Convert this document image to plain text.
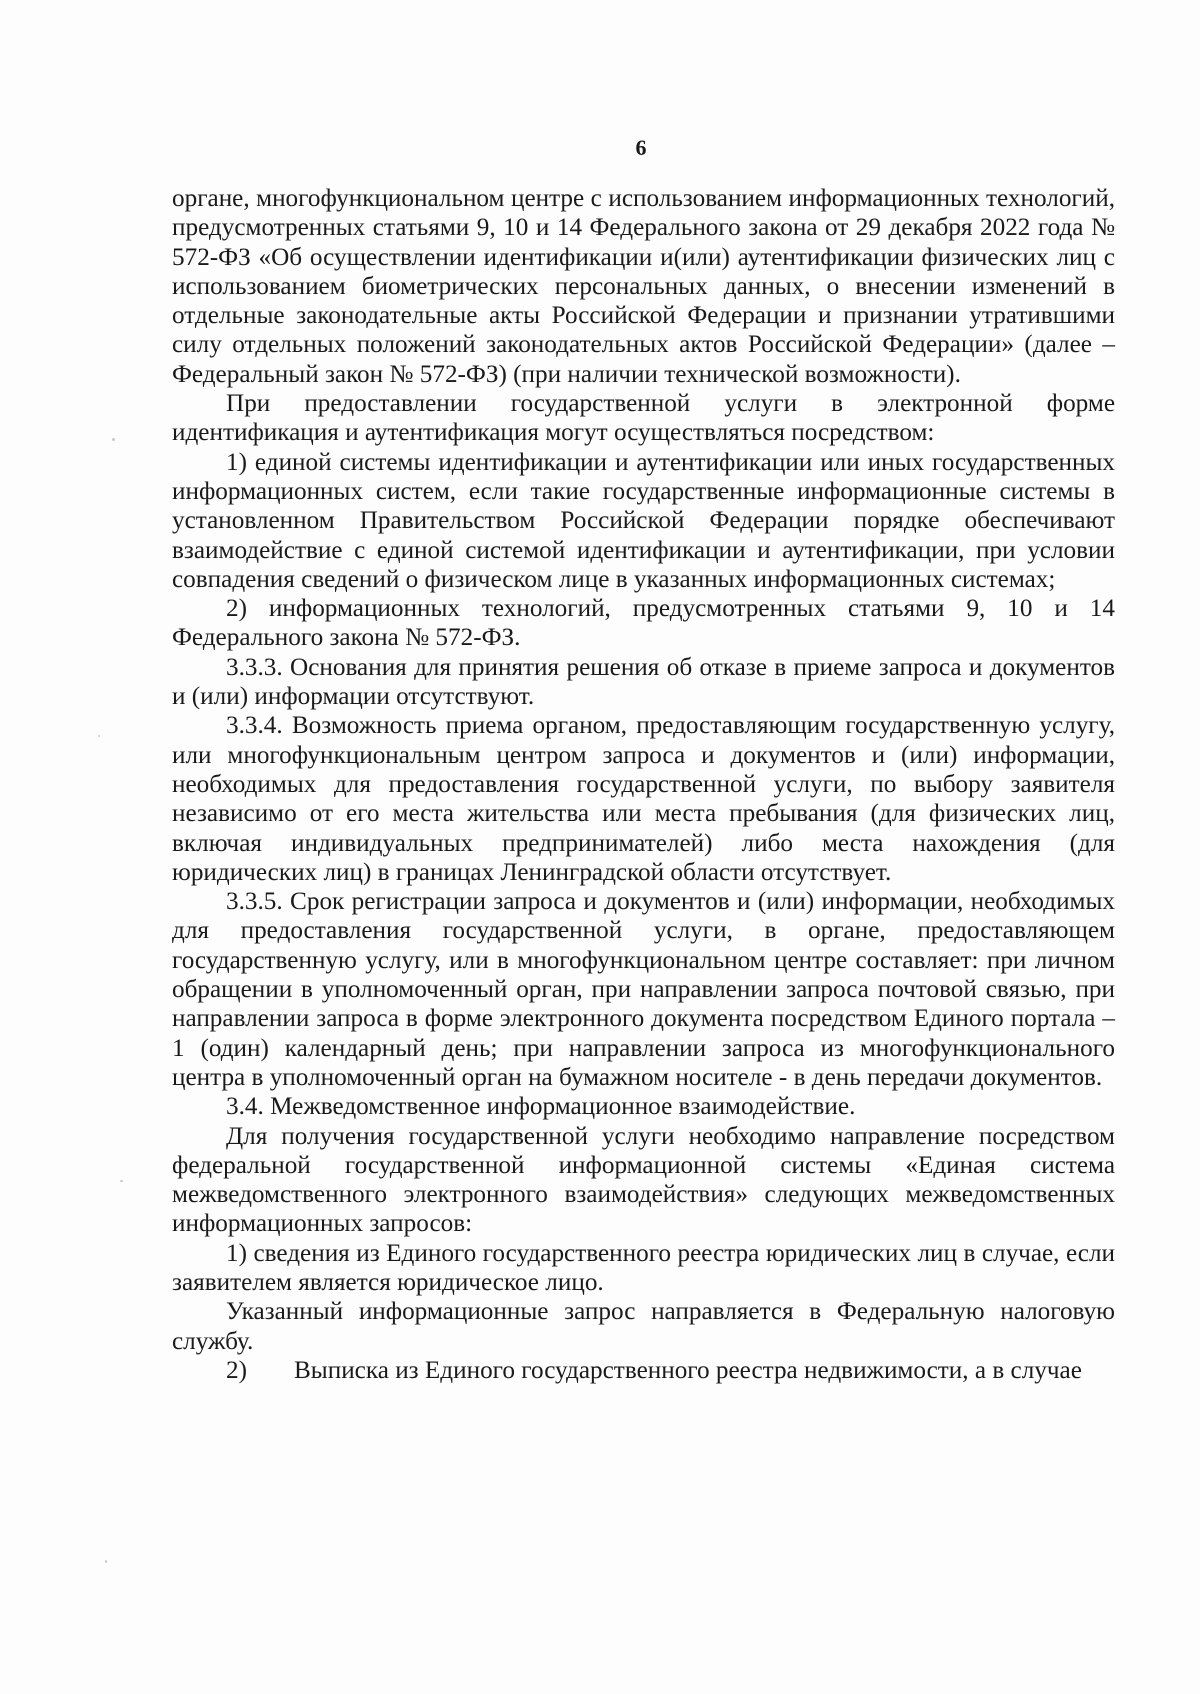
6

органе, многофункциональном центре с использованием информационных технологий, предусмотренных статьями 9, 10 и 14 Федерального закона от 29 декабря 2022 года № 572-ФЗ «Об осуществлении идентификации и(или) аутентификации физических лиц с использованием биометрических персональных данных, о внесении изменений в отдельные законодательные акты Российской Федерации и признании утратившими силу отдельных положений законодательных актов Российской Федерации» (далее – Федеральный закон № 572-ФЗ) (при наличии технической возможности).

При предоставлении государственной услуги в электронной форме идентификация и аутентификация могут осуществляться посредством:

1) единой системы идентификации и аутентификации или иных государственных информационных систем, если такие государственные информационные системы в установленном Правительством Российской Федерации порядке обеспечивают взаимодействие с единой системой идентификации и аутентификации, при условии совпадения сведений о физическом лице в указанных информационных системах;

2) информационных технологий, предусмотренных статьями 9, 10 и 14 Федерального закона № 572-ФЗ.

3.3.3. Основания для принятия решения об отказе в приеме запроса и документов и (или) информации отсутствуют.

3.3.4. Возможность приема органом, предоставляющим государственную услугу, или многофункциональным центром запроса и документов и (или) информации, необходимых для предоставления государственной услуги, по выбору заявителя независимо от его места жительства или места пребывания (для физических лиц, включая индивидуальных предпринимателей) либо места нахождения (для юридических лиц) в границах Ленинградской области отсутствует.

3.3.5. Срок регистрации запроса и документов и (или) информации, необходимых для предоставления государственной услуги, в органе, предоставляющем государственную услугу, или в многофункциональном центре составляет: при личном обращении в уполномоченный орган, при направлении запроса почтовой связью, при направлении запроса в форме электронного документа посредством Единого портала – 1 (один) календарный день; при направлении запроса из многофункционального центра в уполномоченный орган на бумажном носителе - в день передачи документов.

3.4. Межведомственное информационное взаимодействие.

Для получения государственной услуги необходимо направление посредством федеральной государственной информационной системы «Единая система межведомственного электронного взаимодействия» следующих межведомственных информационных запросов:

1) сведения из Единого государственного реестра юридических лиц в случае, если заявителем является юридическое лицо.

Указанный информационные запрос направляется в Федеральную налоговую службу.

2)	Выписка из Единого государственного реестра недвижимости, а в случае
